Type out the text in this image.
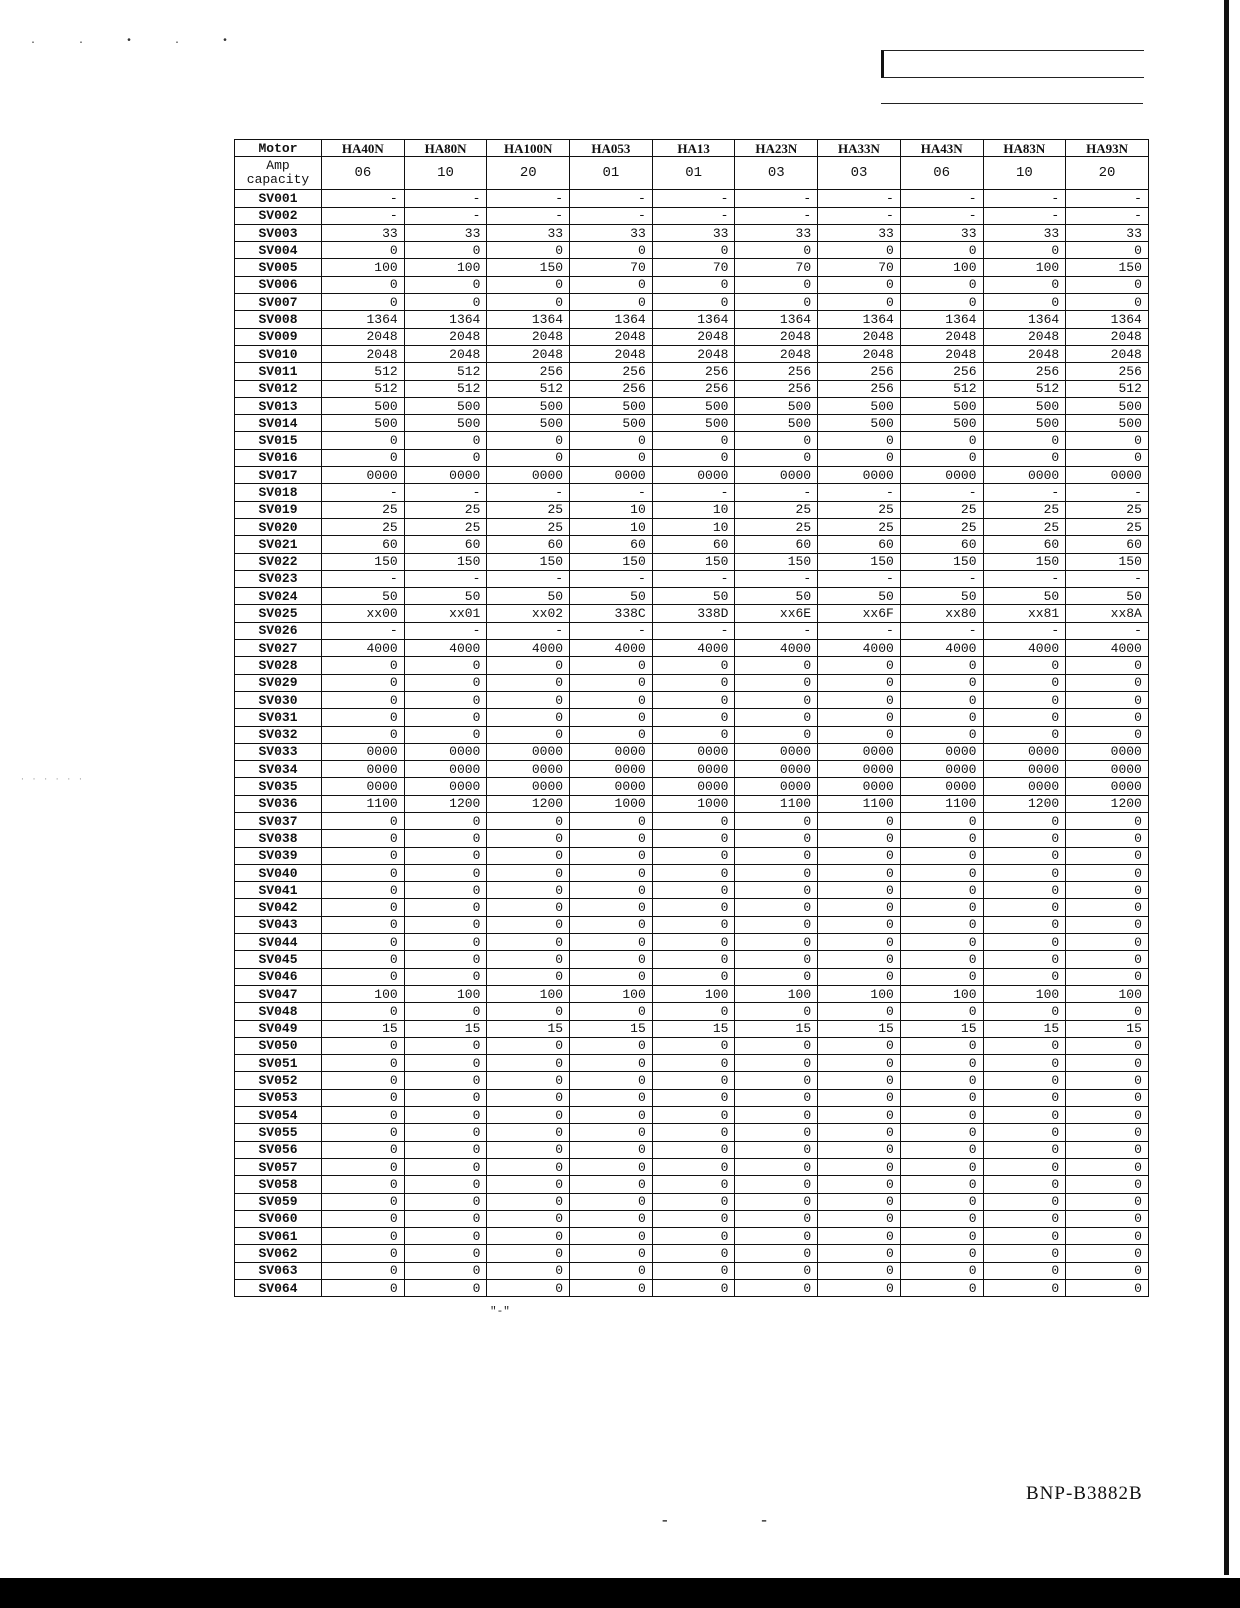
. . • . •
· · · · · ·
Motor	HA40N	HA80N	HA100N	HA053	HA13	HA23N	HA33N	HA43N	HA83N	HA93N
Amp capacity	06	10	20	01	01	03	03	06	10	20
SV001	-	-	-	-	-	-	-	-	-	-
SV002	-	-	-	-	-	-	-	-	-	-
SV003	33	33	33	33	33	33	33	33	33	33
SV004	0	0	0	0	0	0	0	0	0	0
SV005	100	100	150	70	70	70	70	100	100	150
SV006	0	0	0	0	0	0	0	0	0	0
SV007	0	0	0	0	0	0	0	0	0	0
SV008	1364	1364	1364	1364	1364	1364	1364	1364	1364	1364
SV009	2048	2048	2048	2048	2048	2048	2048	2048	2048	2048
SV010	2048	2048	2048	2048	2048	2048	2048	2048	2048	2048
SV011	512	512	256	256	256	256	256	256	256	256
SV012	512	512	512	256	256	256	256	512	512	512
SV013	500	500	500	500	500	500	500	500	500	500
SV014	500	500	500	500	500	500	500	500	500	500
SV015	0	0	0	0	0	0	0	0	0	0
SV016	0	0	0	0	0	0	0	0	0	0
SV017	0000	0000	0000	0000	0000	0000	0000	0000	0000	0000
SV018	-	-	-	-	-	-	-	-	-	-
SV019	25	25	25	10	10	25	25	25	25	25
SV020	25	25	25	10	10	25	25	25	25	25
SV021	60	60	60	60	60	60	60	60	60	60
SV022	150	150	150	150	150	150	150	150	150	150
SV023	-	-	-	-	-	-	-	-	-	-
SV024	50	50	50	50	50	50	50	50	50	50
SV025	xx00	xx01	xx02	338C	338D	xx6E	xx6F	xx80	xx81	xx8A
SV026	-	-	-	-	-	-	-	-	-	-
SV027	4000	4000	4000	4000	4000	4000	4000	4000	4000	4000
SV028	0	0	0	0	0	0	0	0	0	0
SV029	0	0	0	0	0	0	0	0	0	0
SV030	0	0	0	0	0	0	0	0	0	0
SV031	0	0	0	0	0	0	0	0	0	0
SV032	0	0	0	0	0	0	0	0	0	0
SV033	0000	0000	0000	0000	0000	0000	0000	0000	0000	0000
SV034	0000	0000	0000	0000	0000	0000	0000	0000	0000	0000
SV035	0000	0000	0000	0000	0000	0000	0000	0000	0000	0000
SV036	1100	1200	1200	1000	1000	1100	1100	1100	1200	1200
SV037	0	0	0	0	0	0	0	0	0	0
SV038	0	0	0	0	0	0	0	0	0	0
SV039	0	0	0	0	0	0	0	0	0	0
SV040	0	0	0	0	0	0	0	0	0	0
SV041	0	0	0	0	0	0	0	0	0	0
SV042	0	0	0	0	0	0	0	0	0	0
SV043	0	0	0	0	0	0	0	0	0	0
SV044	0	0	0	0	0	0	0	0	0	0
SV045	0	0	0	0	0	0	0	0	0	0
SV046	0	0	0	0	0	0	0	0	0	0
SV047	100	100	100	100	100	100	100	100	100	100
SV048	0	0	0	0	0	0	0	0	0	0
SV049	15	15	15	15	15	15	15	15	15	15
SV050	0	0	0	0	0	0	0	0	0	0
SV051	0	0	0	0	0	0	0	0	0	0
SV052	0	0	0	0	0	0	0	0	0	0
SV053	0	0	0	0	0	0	0	0	0	0
SV054	0	0	0	0	0	0	0	0	0	0
SV055	0	0	0	0	0	0	0	0	0	0
SV056	0	0	0	0	0	0	0	0	0	0
SV057	0	0	0	0	0	0	0	0	0	0
SV058	0	0	0	0	0	0	0	0	0	0
SV059	0	0	0	0	0	0	0	0	0	0
SV060	0	0	0	0	0	0	0	0	0	0
SV061	0	0	0	0	0	0	0	0	0	0
SV062	0	0	0	0	0	0	0	0	0	0
SV063	0	0	0	0	0	0	0	0	0	0
SV064	0	0	0	0	0	0	0	0	0	0
"-"
BNP-B3882B
- -
